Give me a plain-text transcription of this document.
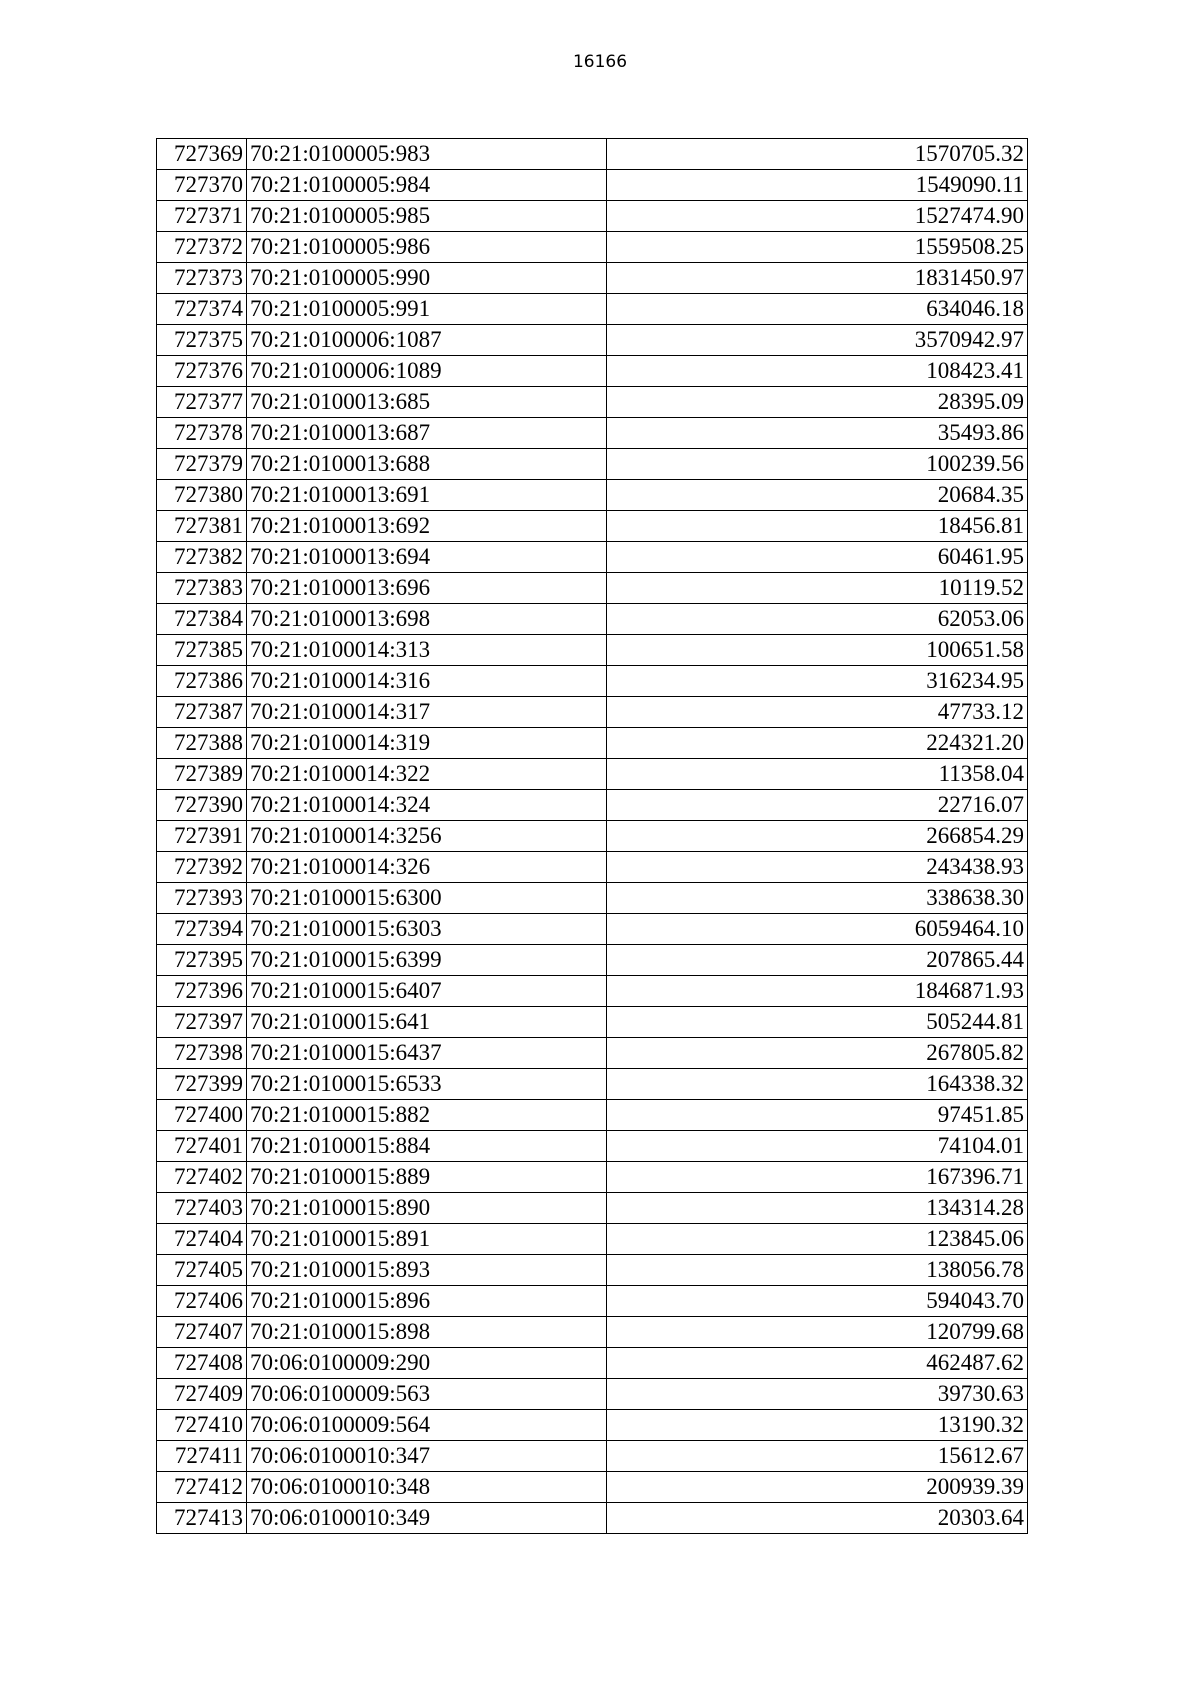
16166
727369	70:21:0100005:983	1570705.32
727370	70:21:0100005:984	1549090.11
727371	70:21:0100005:985	1527474.90
727372	70:21:0100005:986	1559508.25
727373	70:21:0100005:990	1831450.97
727374	70:21:0100005:991	634046.18
727375	70:21:0100006:1087	3570942.97
727376	70:21:0100006:1089	108423.41
727377	70:21:0100013:685	28395.09
727378	70:21:0100013:687	35493.86
727379	70:21:0100013:688	100239.56
727380	70:21:0100013:691	20684.35
727381	70:21:0100013:692	18456.81
727382	70:21:0100013:694	60461.95
727383	70:21:0100013:696	10119.52
727384	70:21:0100013:698	62053.06
727385	70:21:0100014:313	100651.58
727386	70:21:0100014:316	316234.95
727387	70:21:0100014:317	47733.12
727388	70:21:0100014:319	224321.20
727389	70:21:0100014:322	11358.04
727390	70:21:0100014:324	22716.07
727391	70:21:0100014:3256	266854.29
727392	70:21:0100014:326	243438.93
727393	70:21:0100015:6300	338638.30
727394	70:21:0100015:6303	6059464.10
727395	70:21:0100015:6399	207865.44
727396	70:21:0100015:6407	1846871.93
727397	70:21:0100015:641	505244.81
727398	70:21:0100015:6437	267805.82
727399	70:21:0100015:6533	164338.32
727400	70:21:0100015:882	97451.85
727401	70:21:0100015:884	74104.01
727402	70:21:0100015:889	167396.71
727403	70:21:0100015:890	134314.28
727404	70:21:0100015:891	123845.06
727405	70:21:0100015:893	138056.78
727406	70:21:0100015:896	594043.70
727407	70:21:0100015:898	120799.68
727408	70:06:0100009:290	462487.62
727409	70:06:0100009:563	39730.63
727410	70:06:0100009:564	13190.32
727411	70:06:0100010:347	15612.67
727412	70:06:0100010:348	200939.39
727413	70:06:0100010:349	20303.64
